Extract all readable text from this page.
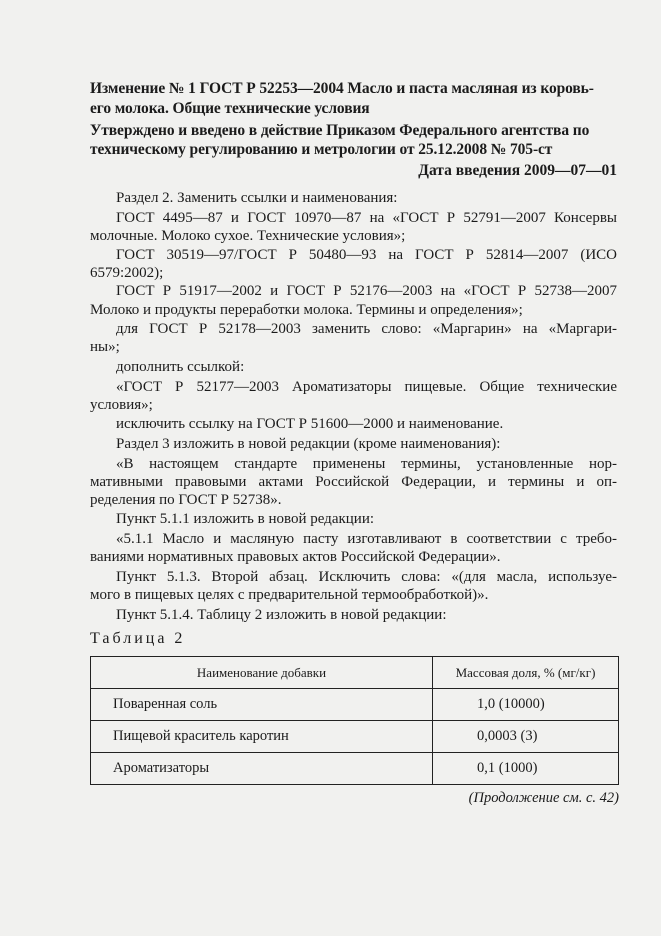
Изменение № 1 ГОСТ Р 52253—2004 Масло и паста масляная из коровь-
его молока. Общие технические условия
Утверждено и введено в действие Приказом Федерального агентства по
техническому регулированию и метрологии от 25.12.2008 № 705-ст
Дата введения 2009—07—01
Раздел 2. Заменить ссылки и наименования:
ГОСТ 4495—87 и ГОСТ 10970—87 на «ГОСТ Р 52791—2007 Консервы
молочные. Молоко сухое. Технические условия»;
ГОСТ 30519—97/ГОСТ Р 50480—93 на ГОСТ Р 52814—2007 (ИСО
6579:2002);
ГОСТ Р 51917—2002 и ГОСТ Р 52176—2003 на «ГОСТ Р 52738—2007
Молоко и продукты переработки молока. Термины и определения»;
для ГОСТ Р 52178—2003 заменить слово: «Маргарин» на «Маргари-
ны»;
дополнить ссылкой:
«ГОСТ Р 52177—2003 Ароматизаторы пищевые. Общие технические
условия»;
исключить ссылку на ГОСТ Р 51600—2000 и наименование.
Раздел 3 изложить в новой редакции (кроме наименования):
«В настоящем стандарте применены термины, установленные нор-
мативными правовыми актами Российской Федерации, и термины и оп-
ределения по ГОСТ Р 52738».
Пункт 5.1.1 изложить в новой редакции:
«5.1.1 Масло и масляную пасту изготавливают в соответствии с требо-
ваниями нормативных правовых актов Российской Федерации».
Пункт 5.1.3. Второй абзац. Исключить слова: «(для масла, используе-
мого в пищевых целях с предварительной термообработкой)».
Пункт 5.1.4. Таблицу 2 изложить в новой редакции:
Таблица 2
Наименование добавки	Массовая доля, % (мг/кг)
Поваренная соль	1,0 (10000)
Пищевой краситель каротин	0,0003 (3)
Ароматизаторы	0,1 (1000)
(Продолжение см. с. 42)
